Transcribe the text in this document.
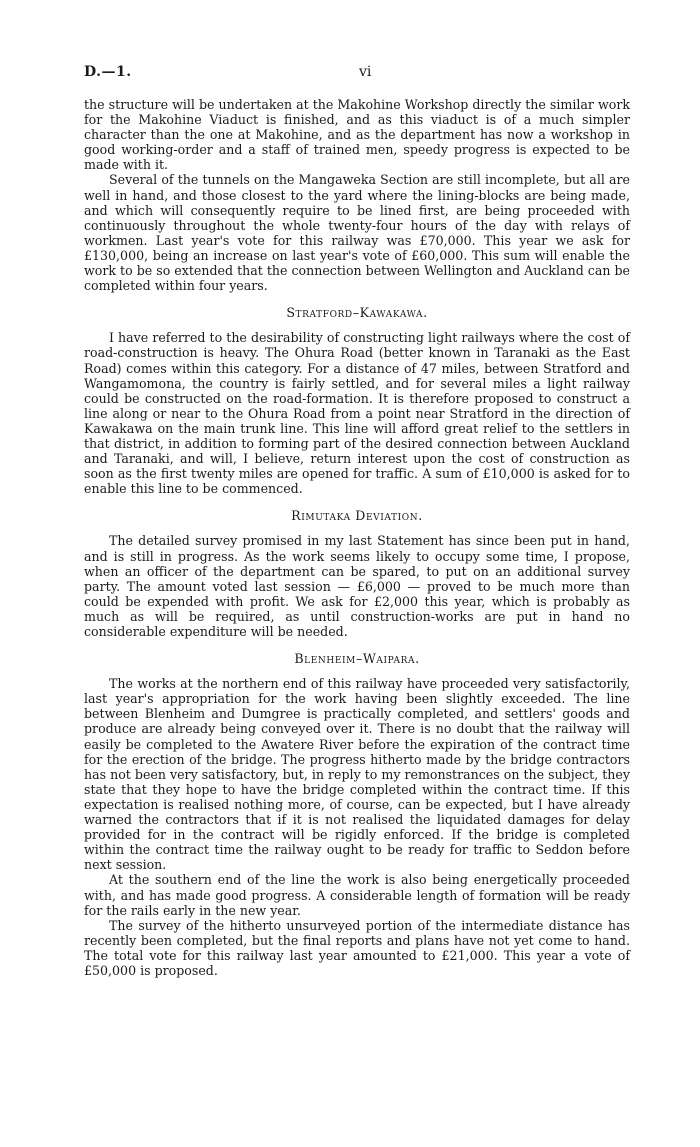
D.—1.	vi

the structure will be undertaken at the Makohine Workshop directly the similar work for the Makohine Viaduct is finished, and as this viaduct is of a much simpler character than the one at Makohine, and as the department has now a workshop in good working-order and a staff of trained men, speedy progress is expected to be made with it.

Several of the tunnels on the Mangaweka Section are still incomplete, but all are well in hand, and those closest to the yard where the lining-blocks are being made, and which will consequently require to be lined first, are being proceeded with continuously throughout the whole twenty-four hours of the day with relays of workmen. Last year's vote for this railway was £70,000. This year we ask for £130,000, being an increase on last year's vote of £60,000. This sum will enable the work to be so extended that the connection between Wellington and Auckland can be completed within four years.

Stratford–Kawakawa.

I have referred to the desirability of constructing light railways where the cost of road-construction is heavy. The Ohura Road (better known in Taranaki as the East Road) comes within this category. For a distance of 47 miles, between Stratford and Wangamomona, the country is fairly settled, and for several miles a light railway could be constructed on the road-formation. It is therefore proposed to construct a line along or near to the Ohura Road from a point near Stratford in the direction of Kawakawa on the main trunk line. This line will afford great relief to the settlers in that district, in addition to forming part of the desired connection between Auckland and Taranaki, and will, I believe, return interest upon the cost of construction as soon as the first twenty miles are opened for traffic. A sum of £10,000 is asked for to enable this line to be commenced.

Rimutaka Deviation.

The detailed survey promised in my last Statement has since been put in hand, and is still in progress. As the work seems likely to occupy some time, I propose, when an officer of the department can be spared, to put on an additional survey party. The amount voted last session — £6,000 — proved to be much more than could be expended with profit. We ask for £2,000 this year, which is probably as much as will be required, as until construction-works are put in hand no considerable expenditure will be needed.

Blenheim–Waipara.

The works at the northern end of this railway have proceeded very satisfactorily, last year's appropriation for the work having been slightly exceeded. The line between Blenheim and Dumgree is practically completed, and settlers' goods and produce are already being conveyed over it. There is no doubt that the railway will easily be completed to the Awatere River before the expiration of the contract time for the erection of the bridge. The progress hitherto made by the bridge contractors has not been very satisfactory, but, in reply to my remonstrances on the subject, they state that they hope to have the bridge completed within the contract time. If this expectation is realised nothing more, of course, can be expected, but I have already warned the contractors that if it is not realised the liquidated damages for delay provided for in the contract will be rigidly enforced. If the bridge is completed within the contract time the railway ought to be ready for traffic to Seddon before next session.

At the southern end of the line the work is also being energetically proceeded with, and has made good progress. A considerable length of formation will be ready for the rails early in the new year.

The survey of the hitherto unsurveyed portion of the intermediate distance has recently been completed, but the final reports and plans have not yet come to hand. The total vote for this railway last year amounted to £21,000. This year a vote of £50,000 is proposed.
